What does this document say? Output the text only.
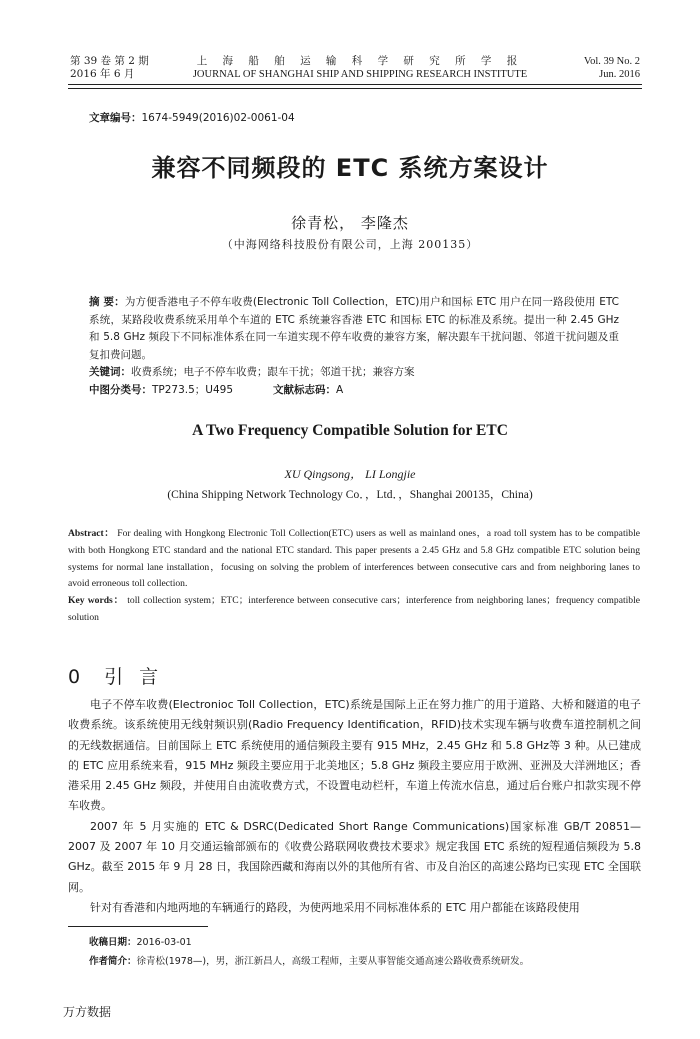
第 39 卷 第 2 期
2016 年 6 月
上 海 船 舶 运 输 科 学 研 究 所 学 报
JOURNAL OF SHANGHAI SHIP AND SHIPPING RESEARCH INSTITUTE
Vol. 39 No. 2
Jun. 2016
文章编号：1674-5949(2016)02-0061-04
兼容不同频段的 ETC 系统方案设计
徐青松， 李隆杰
（中海网络科技股份有限公司，上海 200135）

摘 要：为方便香港电子不停车收费(Electronic Toll Collection，ETC)用户和国标 ETC 用户在同一路段使用 ETC 系统，某路段收费系统采用单个车道的 ETC 系统兼容香港 ETC 和国标 ETC 的标准及系统。提出一种 2.45 GHz 和 5.8 GHz 频段下不同标准体系在同一车道实现不停车收费的兼容方案，解决跟车干扰问题、邻道干扰问题及重复扣费问题。

关键词：收费系统；电子不停车收费；跟车干扰；邻道干扰；兼容方案

中图分类号：TP273.5；U495	文献标志码：A

A Two Frequency Compatible Solution for ETC
XU Qingsong， LI Longjie
(China Shipping Network Technology Co．，Ltd．，Shanghai 200135，China)

Abstract： For dealing with Hongkong Electronic Toll Collection(ETC) users as well as mainland ones，a road toll system has to be compatible with both Hongkong ETC standard and the national ETC standard. This paper presents a 2.45 GHz and 5.8 GHz compatible ETC solution being systems for normal lane installation，focusing on solving the problem of interferences between consecutive cars and from neighboring lanes to avoid erroneous toll collection.

Key words： toll collection system；ETC；interference between consecutive cars；interference from neighboring lanes；frequency compatible solution

0 引言

电子不停车收费(Electronioc Toll Collection，ETC)系统是国际上正在努力推广的用于道路、大桥和隧道的电子收费系统。该系统使用无线射频识别(Radio Frequency Identification，RFID)技术实现车辆与收费车道控制机之间的无线数据通信。目前国际上 ETC 系统使用的通信频段主要有 915 MHz，2.45 GHz 和 5.8 GHz等 3 种。从已建成的 ETC 应用系统来看，915 MHz 频段主要应用于北美地区；5.8 GHz 频段主要应用于欧洲、亚洲及大洋洲地区；香港采用 2.45 GHz 频段，并使用自由流收费方式，不设置电动栏杆，车道上传流水信息，通过后台账户扣款实现不停车收费。

2007 年 5 月实施的 ETC & DSRC(Dedicated Short Range Communications)国家标准 GB/T 20851—2007 及 2007 年 10 月交通运输部颁布的《收费公路联网收费技术要求》规定我国 ETC 系统的短程通信频段为 5.8 GHz。截至 2015 年 9 月 28 日，我国除西藏和海南以外的其他所有省、市及自治区的高速公路均已实现 ETC 全国联网。

针对有香港和内地两地的车辆通行的路段，为使两地采用不同标准体系的 ETC 用户都能在该路段使用

收稿日期：2016-03-01
作者简介：徐青松(1978—)，男，浙江新昌人，高级工程师，主要从事智能交通高速公路收费系统研发。
万方数据
